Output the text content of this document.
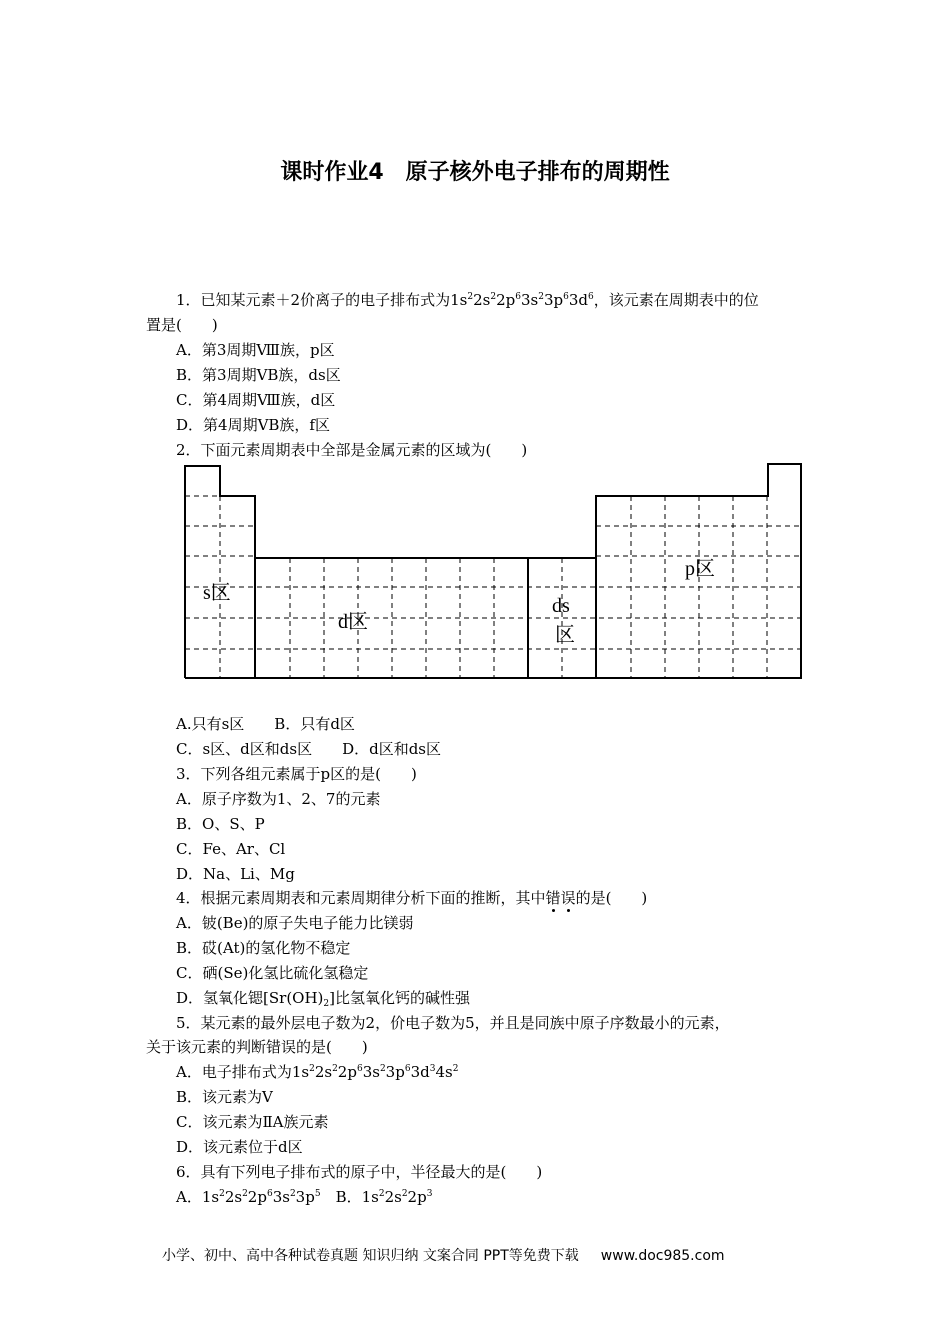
课时作业4　原子核外电子排布的周期性
1．已知某元素＋2价离子的电子排布式为$1s^22s^22p^63s^23p^63d^6$，该元素在周期表中的位
置是(　　)
A．第3周期Ⅷ族，p区
B．第3周期ⅤB族，ds区
C．第4周期Ⅷ族，d区
D．第4周期ⅤB族，f区
2．下面元素周期表中全部是金属元素的区域为(　　)
s区
d区
ds
区
p区
A.只有s区　　B．只有d区
C．s区、d区和ds区　　D．d区和ds区
3．下列各组元素属于p区的是(　　)
A．原子序数为1、2、7的元素
B．O、S、P
C．Fe、Ar、Cl
D．Na、Li、Mg
4．根据元素周期表和元素周期律分析下面的推断，其中错
误
的是(　　)
A．铍(Be)的原子失电子能力比镁弱
B．砹(At)的氢化物不稳定
C．硒(Se)化氢比硫化氢稳定
D．氢氧化锶$[Sr(OH)_2]$比氢氧化钙的碱性强
5．某元素的最外层电子数为2，价电子数为5，并且是同族中原子序数最小的元素，
关于该元素的判断错误的是(　　)
A．电子排布式为$1s^22s^22p^63s^23p^63d^34s^2$
B．该元素为V
C．该元素为ⅡA族元素
D．该元素位于d区
6．具有下列电子排布式的原子中，半径最大的是(　　)
A．$1s^22s^22p^63s^23p^5$　B．$1s^22s^22p^3$
小学、初中、高中各种试卷真题 知识归纳 文案合同 PPT等免费下载 www.doc985.com
